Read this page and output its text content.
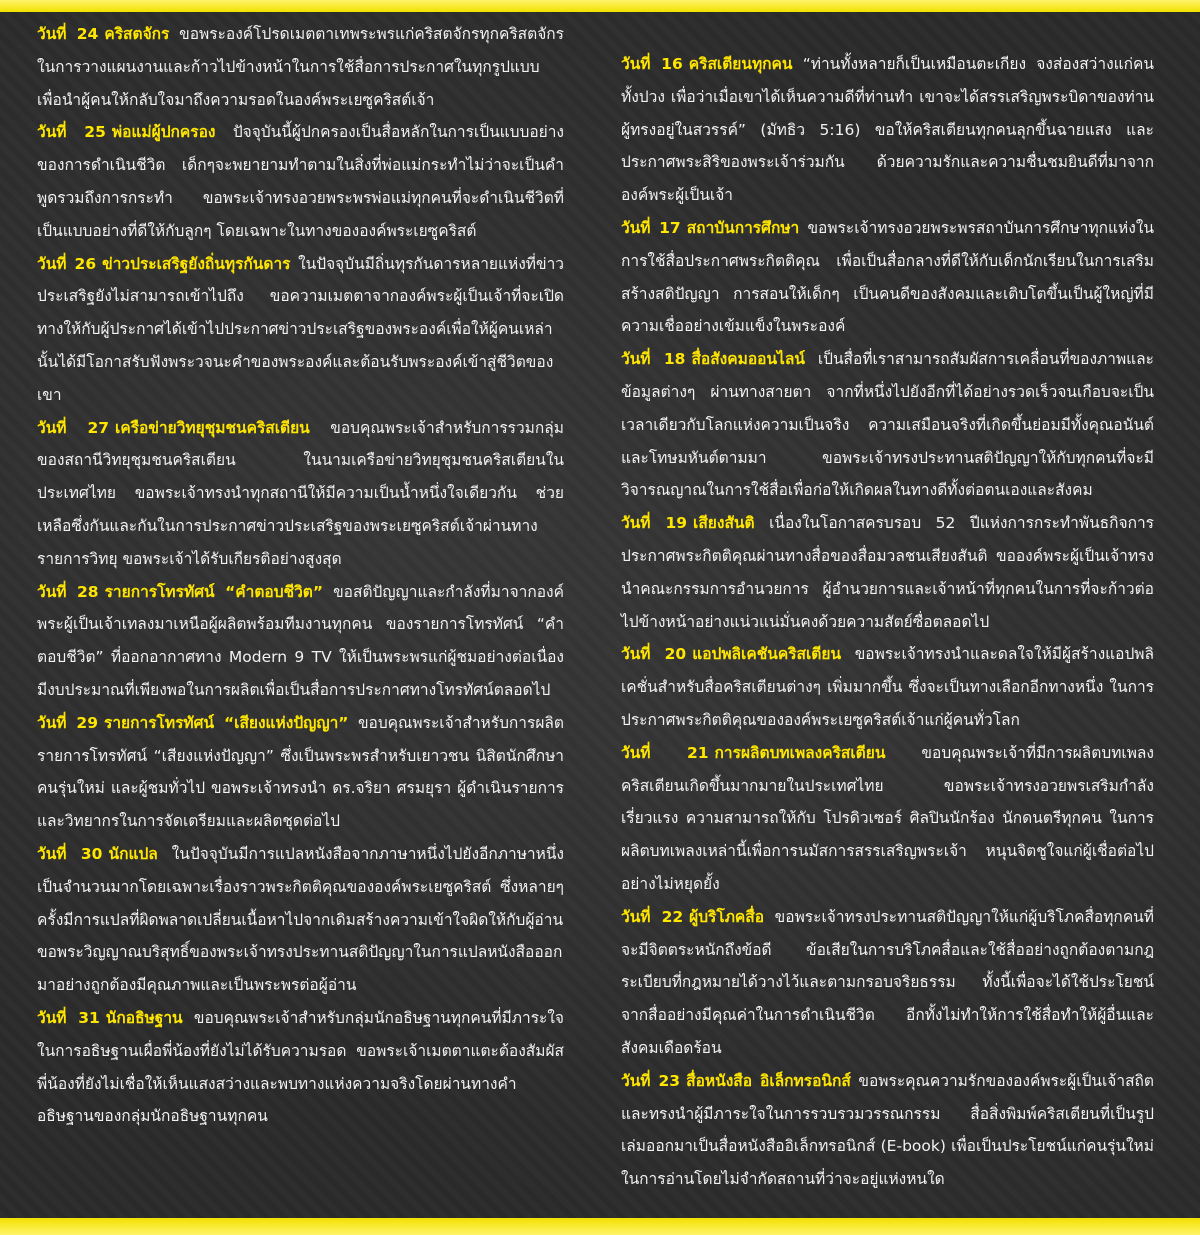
วันที่ 24 คริสตจักร ขอพระองค์โปรดเมตตาเทพระพรแก่คริสตจักรทุกคริสตจักรในการวางแผนงานและก้าวไปข้างหน้าในการใช้สื่อการประกาศในทุกรูปแบบ เพื่อนำผู้คนให้กลับใจมาถึงความรอดในองค์พระเยซูคริสต์เจ้า

วันที่ 25 พ่อแม่ผู้ปกครอง ปัจจุบันนี้ผู้ปกครองเป็นสื่อหลักในการเป็นแบบอย่างของการดำเนินชีวิต เด็กๆจะพยายามทำตามในสิ่งที่พ่อแม่กระทำไม่ว่าจะเป็นคำพูดรวมถึงการกระทำ ขอพระเจ้าทรงอวยพระพรพ่อแม่ทุกคนที่จะดำเนินชีวิตที่เป็นแบบอย่างที่ดีให้กับลูกๆ โดยเฉพาะในทางขององค์พระเยซูคริสต์

วันที่ 26 ข่าวประเสริฐยังถิ่นทุรกันดาร ในปัจจุบันมีถิ่นทุรกันดารหลายแห่งที่ข่าวประเสริฐยังไม่สามารถเข้าไปถึง ขอความเมตตาจากองค์พระผู้เป็นเจ้าที่จะเปิดทางให้กับผู้ประกาศได้เข้าไปประกาศข่าวประเสริฐของพระองค์เพื่อให้ผู้คนเหล่านั้นได้มีโอกาสรับฟังพระวจนะคำของพระองค์และต้อนรับพระองค์เข้าสู่ชีวิตของเขา

วันที่ 27 เครือข่ายวิทยุชุมชนคริสเตียน ขอบคุณพระเจ้าสำหรับการรวมกลุ่ม ของสถานีวิทยุชุมชนคริสเตียน ในนามเครือข่ายวิทยุชุมชนคริสเตียนในประเทศไทย ขอพระเจ้าทรงนำทุกสถานีให้มีความเป็นน้ำหนึ่งใจเดียวกัน ช่วยเหลือซึ่งกันและกันในการประกาศข่าวประเสริฐของพระเยซูคริสต์เจ้าผ่านทางรายการวิทยุ ขอพระเจ้าได้รับเกียรติอย่างสูงสุด

วันที่ 28 รายการโทรทัศน์ “คำตอบชีวิต” ขอสติปัญญาและกำลังที่มาจากองค์พระผู้เป็นเจ้าเทลงมาเหนือผู้ผลิตพร้อมทีมงานทุกคน ของรายการโทรทัศน์ “คำตอบชีวิต” ที่ออกอากาศทาง Modern 9 TV ให้เป็นพระพรแก่ผู้ชมอย่างต่อเนื่อง มีงบประมาณที่เพียงพอในการผลิตเพื่อเป็นสื่อการประกาศทางโทรทัศน์ตลอดไป

วันที่ 29 รายการโทรทัศน์ “เสียงแห่งปัญญา” ขอบคุณพระเจ้าสำหรับการผลิตรายการโทรทัศน์ “เสียงแห่งปัญญา” ซึ่งเป็นพระพรสำหรับเยาวชน นิสิตนักศึกษา คนรุ่นใหม่ และผู้ชมทั่วไป ขอพระเจ้าทรงนำ ดร.จริยา ศรมยุรา ผู้ดำเนินรายการและวิทยากรในการจัดเตรียมและผลิตชุดต่อไป

วันที่ 30 นักแปล ในปัจจุบันมีการแปลหนังสือจากภาษาหนึ่งไปยังอีกภาษาหนึ่งเป็นจำนวนมากโดยเฉพาะเรื่องราวพระกิตติคุณขององค์พระเยซูคริสต์ ซึ่งหลายๆครั้งมีการแปลที่ผิดพลาดเปลี่ยนเนื้อหาไปจากเดิมสร้างความเข้าใจผิดให้กับผู้อ่าน ขอพระวิญญาณบริสุทธิ์ของพระเจ้าทรงประทานสติปัญญาในการแปลหนังสือออกมาอย่างถูกต้องมีคุณภาพและเป็นพระพรต่อผู้อ่าน

วันที่ 31 นักอธิษฐาน ขอบคุณพระเจ้าสำหรับกลุ่มนักอธิษฐานทุกคนที่มีภาระใจในการอธิษฐานเผื่อพี่น้องที่ยังไม่ได้รับความรอด ขอพระเจ้าเมตตาแตะต้องสัมผัสพี่น้องที่ยังไม่เชื่อให้เห็นแสงสว่างและพบทางแห่งความจริงโดยผ่านทางคำอธิษฐานของกลุ่มนักอธิษฐานทุกคน

วันที่ 16 คริสเตียนทุกคน “ท่านทั้งหลายก็เป็นเหมือนตะเกียง จงส่องสว่างแก่คนทั้งปวง เพื่อว่าเมื่อเขาได้เห็นความดีที่ท่านทำ เขาจะได้สรรเสริญพระบิดาของท่าน ผู้ทรงอยู่ในสวรรค์” (มัทธิว 5:16) ขอให้คริสเตียนทุกคนลุกขึ้นฉายแสง และประกาศพระสิริของพระเจ้าร่วมกัน ด้วยความรักและความชื่นชมยินดีที่มาจากองค์พระผู้เป็นเจ้า

วันที่ 17 สถาบันการศึกษา ขอพระเจ้าทรงอวยพระพรสถาบันการศึกษาทุกแห่งในการใช้สื่อประกาศพระกิตติคุณ เพื่อเป็นสื่อกลางที่ดีให้กับเด็กนักเรียนในการเสริมสร้างสติปัญญา การสอนให้เด็กๆ เป็นคนดีของสังคมและเติบโตขึ้นเป็นผู้ใหญ่ที่มีความเชื่ออย่างเข้มแข็งในพระองค์

วันที่ 18 สื่อสังคมออนไลน์ เป็นสื่อที่เราสามารถสัมผัสการเคลื่อนที่ของภาพและข้อมูลต่างๆ ผ่านทางสายตา จากที่หนึ่งไปยังอีกที่ได้อย่างรวดเร็วจนเกือบจะเป็นเวลาเดียวกับโลกแห่งความเป็นจริง ความเสมือนจริงที่เกิดขึ้นย่อมมีทั้งคุณอนันต์และโทษมหันต์ตามมา ขอพระเจ้าทรงประทานสติปัญญาให้กับทุกคนที่จะมี วิจารณญาณในการใช้สื่อเพื่อก่อให้เกิดผลในทางดีทั้งต่อตนเองและสังคม

วันที่ 19 เสียงสันติ เนื่องในโอกาสครบรอบ 52 ปีแห่งการกระทำพันธกิจการประกาศพระกิตติคุณผ่านทางสื่อของสื่อมวลชนเสียงสันติ ขอองค์พระผู้เป็นเจ้าทรงนำคณะกรรมการอำนวยการ ผู้อำนวยการและเจ้าหน้าที่ทุกคนในการที่จะก้าวต่อไปข้างหน้าอย่างแน่วแน่มั่นคงด้วยความสัตย์ซื่อตลอดไป

วันที่ 20 แอปพลิเคชันคริสเตียน ขอพระเจ้าทรงนำและดลใจให้มีผู้สร้างแอปพลิเคชั่นสำหรับสื่อคริสเตียนต่างๆ เพิ่มมากขึ้น ซึ่งจะเป็นทางเลือกอีกทางหนึ่ง ในการประกาศพระกิตติคุณขององค์พระเยซูคริสต์เจ้าแก่ผู้คนทั่วโลก

วันที่ 21 การผลิตบทเพลงคริสเตียน ขอบคุณพระเจ้าที่มีการผลิตบทเพลงคริสเตียนเกิดขึ้นมากมายในประเทศไทย ขอพระเจ้าทรงอวยพรเสริมกำลังเรี่ยวแรง ความสามารถให้กับ โปรดิวเซอร์ ศิลปินนักร้อง นักดนตรีทุกคน ในการผลิตบทเพลงเหล่านี้เพื่อการนมัสการสรรเสริญพระเจ้า หนุนจิตชูใจแก่ผู้เชื่อต่อไปอย่างไม่หยุดยั้ง

วันที่ 22 ผู้บริโภคสื่อ ขอพระเจ้าทรงประทานสติปัญญาให้แก่ผู้บริโภคสื่อทุกคนที่จะมีจิตตระหนักถึงข้อดี ข้อเสียในการบริโภคสื่อและใช้สื่ออย่างถูกต้องตามกฎระเบียบที่กฎหมายได้วางไว้และตามกรอบจริยธรรม ทั้งนี้เพื่อจะได้ใช้ประโยชน์จากสื่ออย่างมีคุณค่าในการดำเนินชีวิต อีกทั้งไม่ทำให้การใช้สื่อทำให้ผู้อื่นและสังคมเดือดร้อน

วันที่ 23 สื่อหนังสือ อิเล็กทรอนิกส์ ขอพระคุณความรักขององค์พระผู้เป็นเจ้าสถิตและทรงนำผู้มีภาระใจในการรวบรวมวรรณกรรม สื่อสิ่งพิมพ์คริสเตียนที่เป็นรูปเล่มออกมาเป็นสื่อหนังสืออิเล็กทรอนิกส์ (E-book) เพื่อเป็นประโยชน์แก่คนรุ่นใหม่ในการอ่านโดยไม่จำกัดสถานที่ว่าจะอยู่แห่งหนใด
